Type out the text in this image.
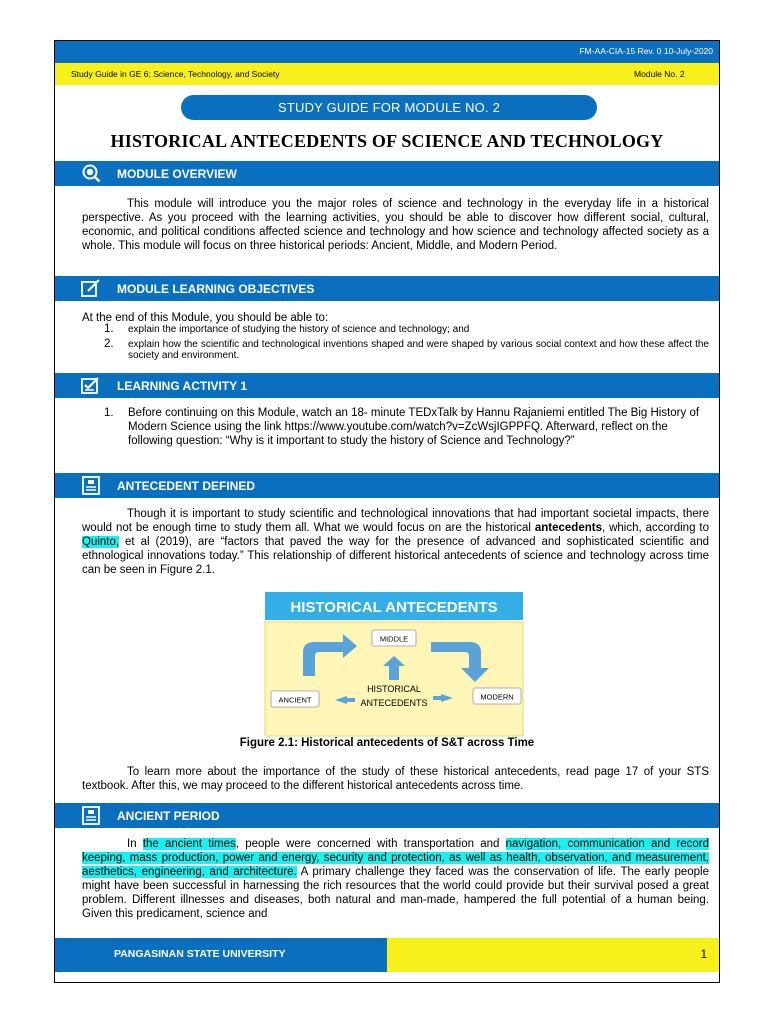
FM-AA-CIA-15 Rev. 0 10-July-2020
Study Guide in GE 6: Science, Technology, and Society	Module No. 2
STUDY GUIDE FOR MODULE NO. 2
HISTORICAL ANTECEDENTS OF SCIENCE AND TECHNOLOGY
MODULE OVERVIEW

This module will introduce you the major roles of science and technology in the everyday life in a historical perspective. As you proceed with the learning activities, you should be able to discover how different social, cultural, economic, and political conditions affected science and technology and how science and technology affected society as a whole. This module will focus on three historical periods: Ancient, Middle, and Modern Period.

MODULE LEARNING OBJECTIVES

At the end of this Module, you should be able to:

1. explain the importance of studying the history of science and technology; and
2. explain how the scientific and technological inventions shaped and were shaped by various social context and how these affect the society and environment.
LEARNING ACTIVITY 1
1. Before continuing on this Module, watch an 18- minute TEDxTalk by Hannu Rajaniemi entitled The Big History of Modern Science using the link https://www.youtube.com/watch?v=ZcWsjIGPPFQ. Afterward, reflect on the following question: “Why is it important to study the history of Science and Technology?”
ANTECEDENT DEFINED

Though it is important to study scientific and technological innovations that had important societal impacts, there would not be enough time to study them all. What we would focus on are the historical antecedents, which, according to Quinto, et al (2019), are “factors that paved the way for the presence of advanced and sophisticated scientific and ethnological innovations today.” This relationship of different historical antecedents of science and technology across time can be seen in Figure 2.1.

HISTORICAL ANTECEDENTS
MIDDLE
ANCIENT	MODERN
HISTORICAL
ANTECEDENTS
Figure 2.1: Historical antecedents of S&T across Time

To learn more about the importance of the study of these historical antecedents, read page 17 of your STS textbook. After this, we may proceed to the different historical antecedents across time.

ANCIENT PERIOD

In the ancient times, people were concerned with transportation and navigation, communication and record keeping, mass production, power and energy, security and protection, as well as health, observation, and measurement, aesthetics, engineering, and architecture. A primary challenge they faced was the conservation of life. The early people might have been successful in harnessing the rich resources that the world could provide but their survival posed a great problem. Different illnesses and diseases, both natural and man-made, hampered the full potential of a human being. Given this predicament, science and

PANGASINAN STATE UNIVERSITY	1
